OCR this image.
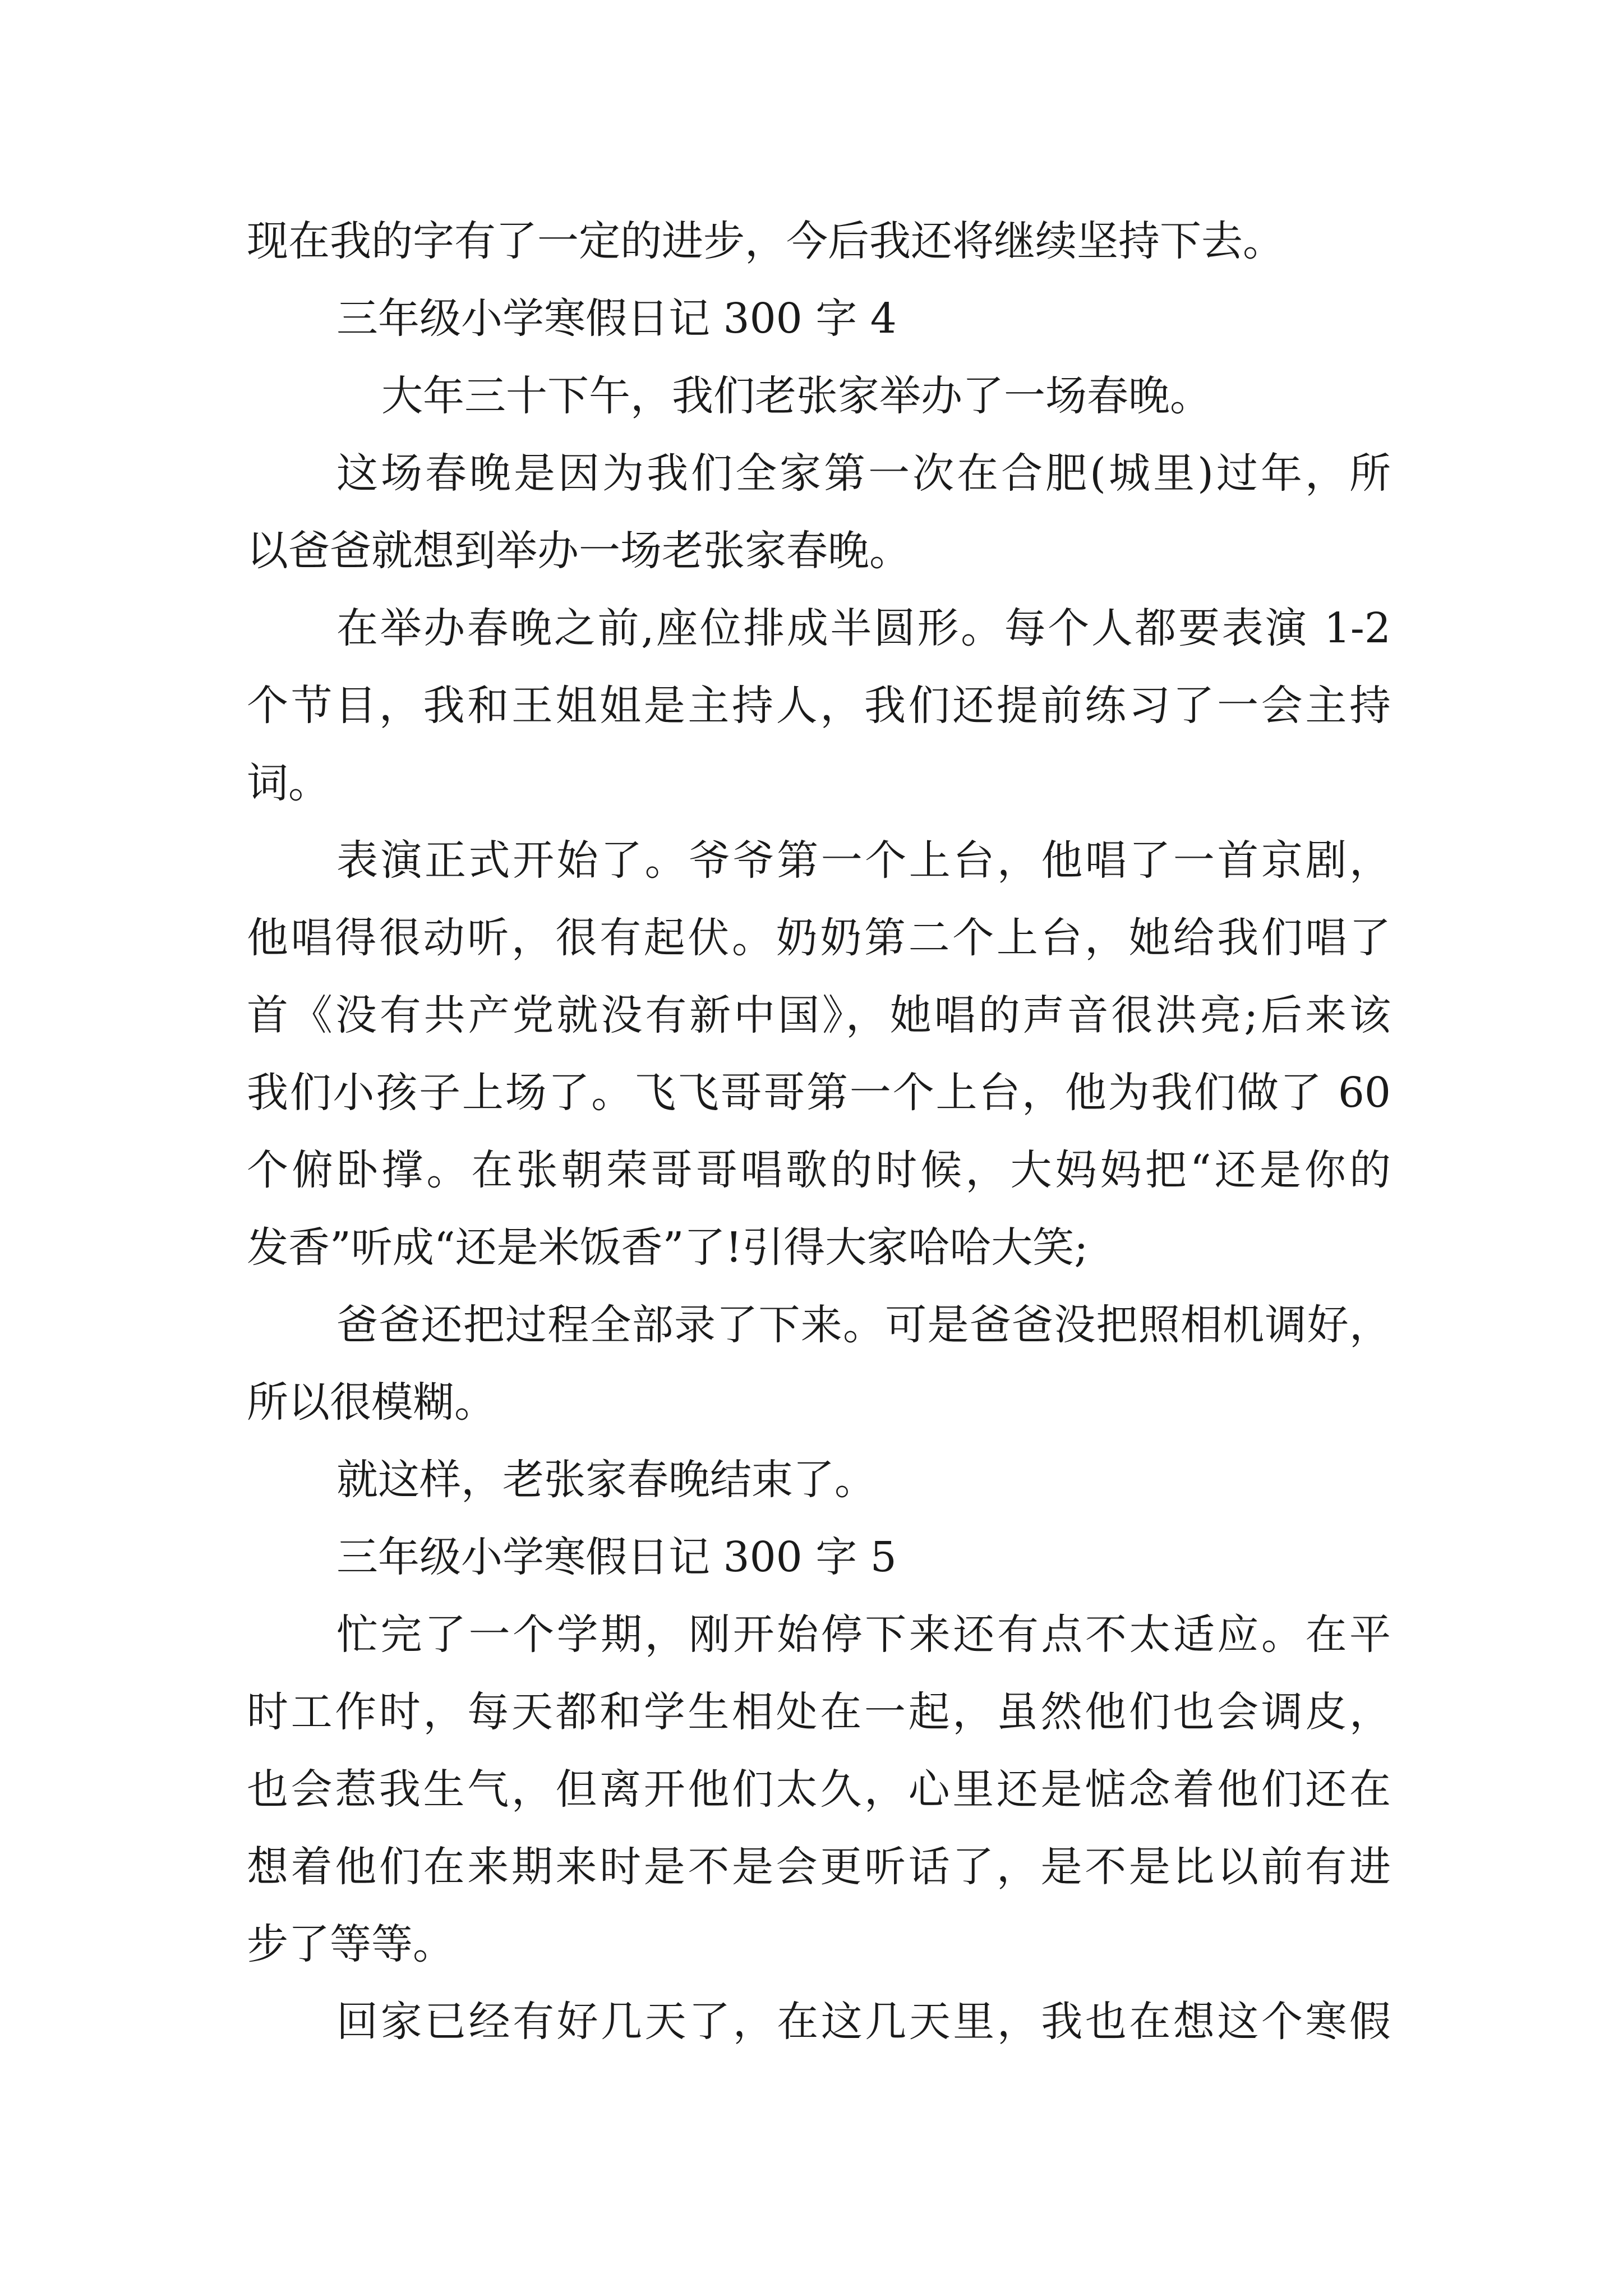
现在我的字有了一定的进步，今后我还将继续坚持下去。

三年级小学寒假日记 300 字 4

大年三十下午，我们老张家举办了一场春晚。

这场春晚是因为我们全家第一次在合肥(城里)过年，所

以爸爸就想到举办一场老张家春晚。

在举办春晚之前,座位排成半圆形。每个人都要表演 1-2

个节目，我和王姐姐是主持人，我们还提前练习了一会主持

词。

表演正式开始了。爷爷第一个上台，他唱了一首京剧，

他唱得很动听，很有起伏。奶奶第二个上台，她给我们唱了

首《没有共产党就没有新中国》，她唱的声音很洪亮;后来该

我们小孩子上场了。飞飞哥哥第一个上台，他为我们做了 60

个俯卧撑。在张朝荣哥哥唱歌的时候，大妈妈把“还是你的

发香”听成“还是米饭香”了!引得大家哈哈大笑;

爸爸还把过程全部录了下来。可是爸爸没把照相机调好，

所以很模糊。

就这样，老张家春晚结束了。

三年级小学寒假日记 300 字 5

忙完了一个学期，刚开始停下来还有点不太适应。在平

时工作时，每天都和学生相处在一起，虽然他们也会调皮，

也会惹我生气，但离开他们太久，心里还是惦念着他们还在

想着他们在来期来时是不是会更听话了，是不是比以前有进

步了等等。

回家已经有好几天了，在这几天里，我也在想这个寒假
